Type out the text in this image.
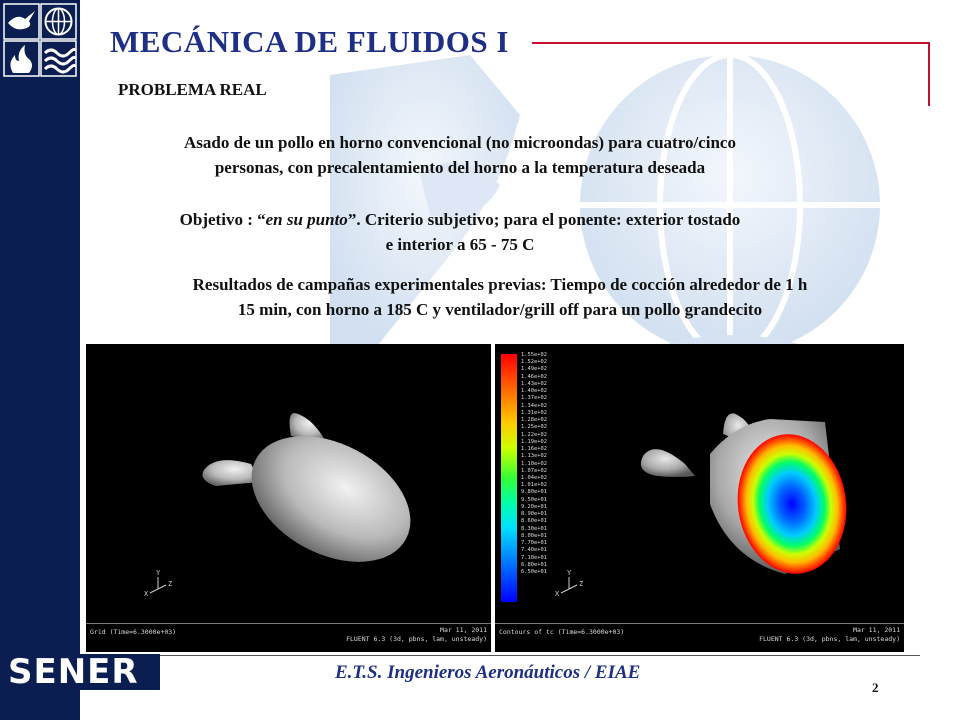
MECÁNICA DE FLUIDOS I
PROBLEMA REAL
Asado de un pollo en horno convencional (no microondas) para cuatro/cinco
personas, con precalentamiento del horno a la temperatura deseada
Objetivo : “en su punto”. Criterio subjetivo; para el ponente: exterior tostado
e interior a 65 - 75 C
Resultados de campañas experimentales previas: Tiempo de cocción alrededor de 1 h
15 min, con horno a 185 C y ventilador/grill off para un pollo grandecito
Y
X
Z
Grid (Time=6.3000e+03)	Mar 11, 2011
FLUENT 6.3 (3d, pbns, lam, unsteady)
Y
X
Z
Contours of tc (Time=6.3000e+03)	Mar 11, 2011
FLUENT 6.3 (3d, pbns, lam, unsteady)
1.55e+02
1.52e+02
1.49e+02
1.46e+02
1.43e+02
1.40e+02
1.37e+02
1.34e+02
1.31e+02
1.28e+02
1.25e+02
1.22e+02
1.19e+02
1.16e+02
1.13e+02
1.10e+02
1.07e+02
1.04e+02
1.01e+02
9.80e+01
9.50e+01
9.20e+01
8.90e+01
8.60e+01
8.30e+01
8.00e+01
7.70e+01
7.40e+01
7.10e+01
6.80e+01
6.50e+01
SENER	E.T.S. Ingenieros Aeronáuticos / EIAE
2
